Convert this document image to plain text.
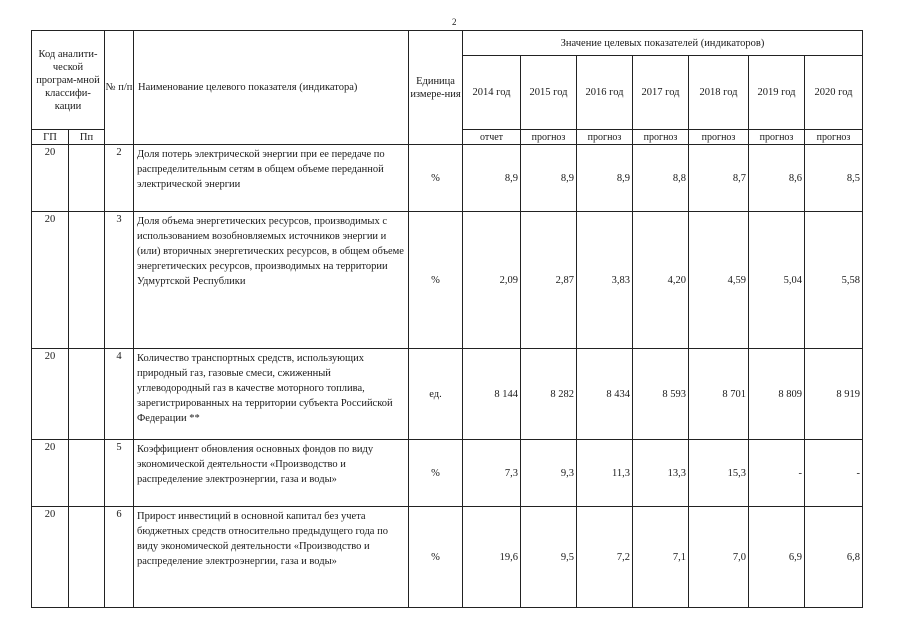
2
Код аналити-ческой програм-мной классифи-кации		№ п/п	Наименование целевого показателя (индикатора)	Единица измере-ния	Значение целевых показателей (индикаторов)						
					2014 год	2015 год	2016 год	2017 год	2018 год	2019 год	2020 год
ГП	Пп				отчет	прогноз	прогноз	прогноз	прогноз	прогноз	прогноз
20		2	Доля потерь электрической энергии при ее передаче по распределительным сетям в общем объеме переданной электрической энергии	%	8,9	8,9	8,9	8,8	8,7	8,6	8,5
20		3	Доля объема энергетических ресурсов, производимых с использованием возобновляемых источников энергии и (или) вторичных энергетических ресурсов, в общем объеме энергетических ресурсов, производимых на территории Удмуртской Республики	%	2,09	2,87	3,83	4,20	4,59	5,04	5,58
20		4	Количество транспортных средств, использующих природный газ, газовые смеси, сжиженный углеводородный газ в качестве моторного топлива, зарегистрированных на территории субъекта Российской Федерации **	ед.	8 144	8 282	8 434	8 593	8 701	8 809	8 919
20		5	Коэффициент обновления основных фондов по виду экономической деятельности «Производство и распределение электроэнергии, газа и воды»	%	7,3	9,3	11,3	13,3	15,3	-	-
20		6	Прирост инвестиций в основной капитал без учета бюджетных средств относительно предыдущего года по виду экономической деятельности «Производство и распределение электроэнергии, газа и воды»	%	19,6	9,5	7,2	7,1	7,0	6,9	6,8
